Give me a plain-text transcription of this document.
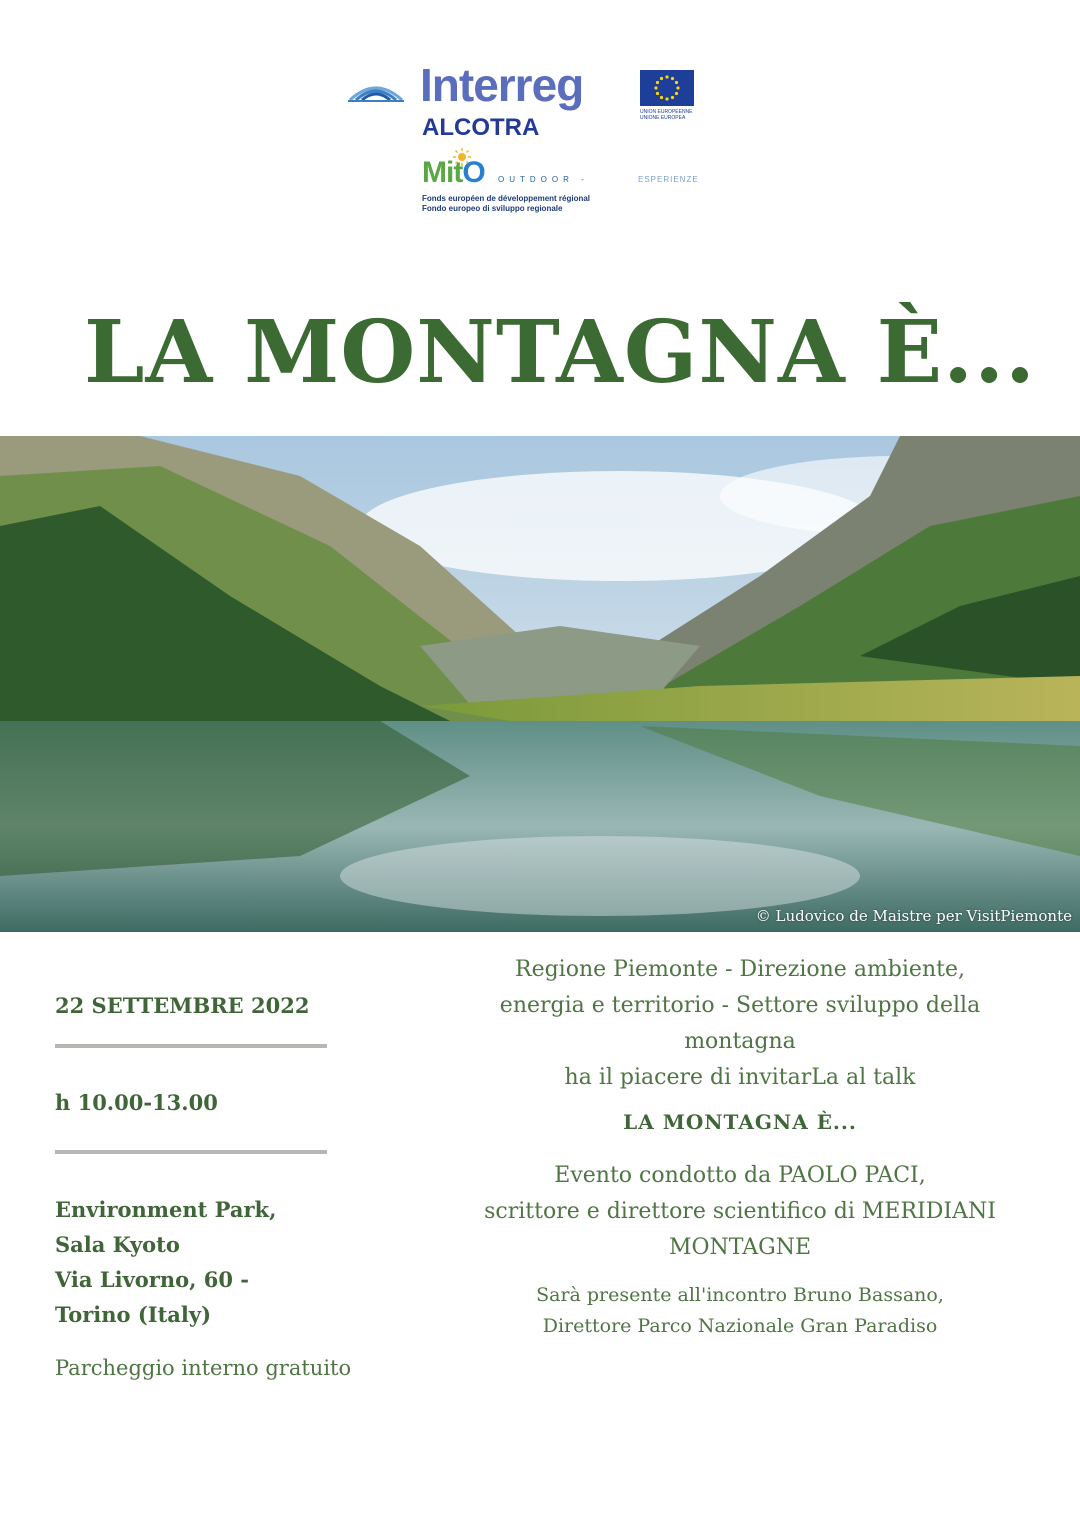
Interreg
ALCOTRA
UNION EUROPÉENNE
UNIONE EUROPEA
MitO OUTDOOR -	ESPERIENZE
Fonds européen de développement régional
Fondo europeo di sviluppo regionale
LA MONTAGNA È...
© Ludovico de Maistre per VisitPiemonte
22 SETTEMBRE 2022
h 10.00-13.00
Environment Park,
Sala Kyoto
Via Livorno, 60 -
Torino (Italy)
Parcheggio interno gratuito
Regione Piemonte - Direzione ambiente,
energia e territorio - Settore sviluppo della
montagna
ha il piacere di invitarLa al talk
LA MONTAGNA È...
Evento condotto da PAOLO PACI,
scrittore e direttore scientifico di MERIDIANI
MONTAGNE
Sarà presente all'incontro Bruno Bassano,
Direttore Parco Nazionale Gran Paradiso
